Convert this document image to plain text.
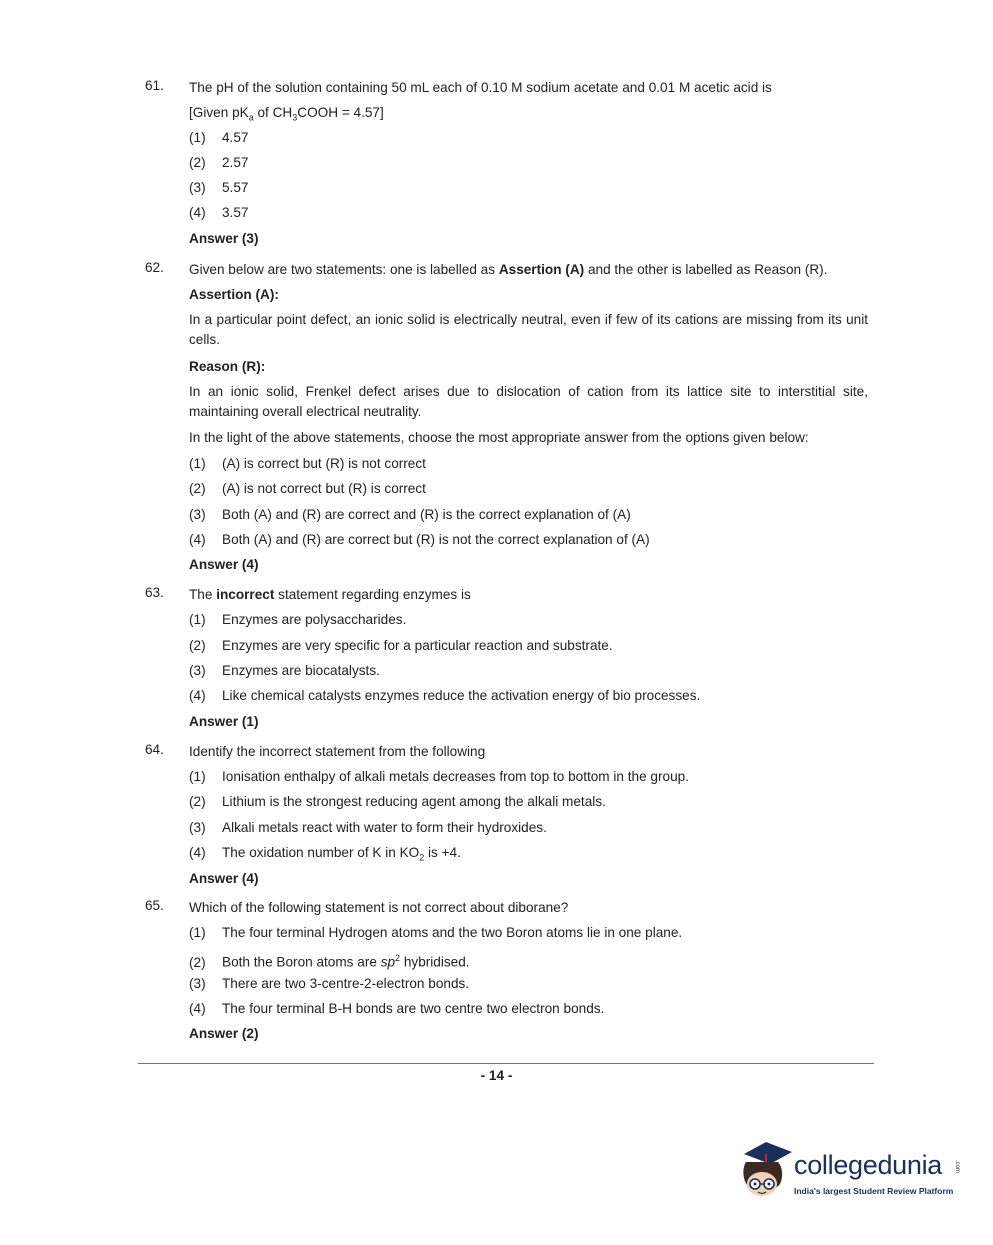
61. The pH of the solution containing 50 mL each of 0.10 M sodium acetate and 0.01 M acetic acid is
[Given $pK_a$ of $CH_3COOH = 4.57$]
(1) 4.57
(2) 2.57
(3) 5.57
(4) 3.57
Answer (3)
62. Given below are two statements: one is labelled as Assertion (A) and the other is labelled as Reason (R).
Assertion (A):
In a particular point defect, an ionic solid is electrically neutral, even if few of its cations are missing from its unit cells.
Reason (R):
In an ionic solid, Frenkel defect arises due to dislocation of cation from its lattice site to interstitial site, maintaining overall electrical neutrality.
In the light of the above statements, choose the most appropriate answer from the options given below:
(1) (A) is correct but (R) is not correct
(2) (A) is not correct but (R) is correct
(3) Both (A) and (R) are correct and (R) is the correct explanation of (A)
(4) Both (A) and (R) are correct but (R) is not the correct explanation of (A)
Answer (4)
63. The incorrect statement regarding enzymes is
(1) Enzymes are polysaccharides.
(2) Enzymes are very specific for a particular reaction and substrate.
(3) Enzymes are biocatalysts.
(4) Like chemical catalysts enzymes reduce the activation energy of bio processes.
Answer (1)
64. Identify the incorrect statement from the following
(1) Ionisation enthalpy of alkali metals decreases from top to bottom in the group.
(2) Lithium is the strongest reducing agent among the alkali metals.
(3) Alkali metals react with water to form their hydroxides.
(4) The oxidation number of K in $KO_2$ is +4.
Answer (4)
65. Which of the following statement is not correct about diborane?
(1) The four terminal Hydrogen atoms and the two Boron atoms lie in one plane.
(2) Both the Boron atoms are $sp^2$ hybridised.
(3) There are two 3-centre-2-electron bonds.
(4) The four terminal B-H bonds are two centre two electron bonds.
Answer (2)
- 14 -
collegedunia .com
India's largest Student Review Platform
